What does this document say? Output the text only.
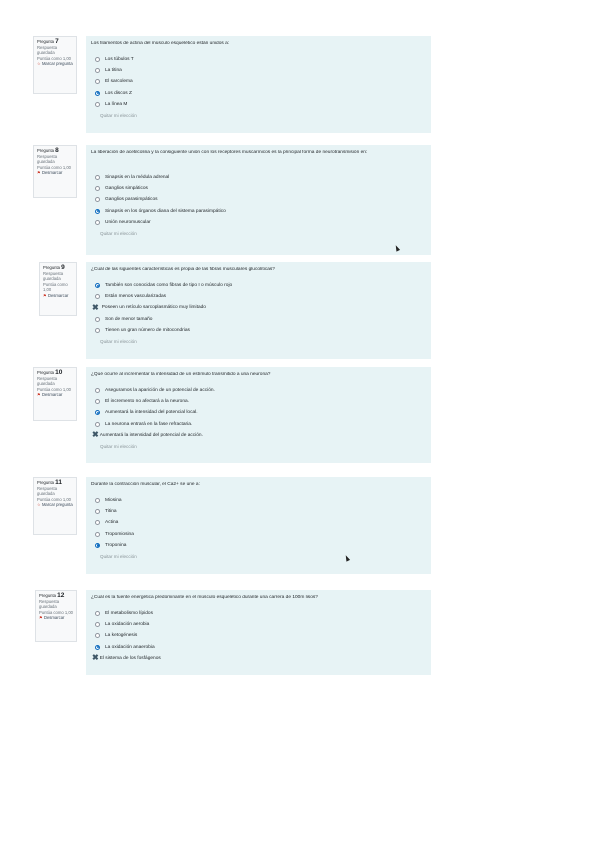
Pregunta 7
Respuesta guardada
Puntúa como 1,00
☆ Marcar pregunta
Los filamentos de actina del músculo esquelético están unidos a:
Los túbulos T
La titina
El sarcolema
Los discos Z
La línea M
Quitar mi elección
Pregunta 8
Respuesta guardada
Puntúa como 1,00
⚑ Desmarcar
La liberación de acetilcolina y la consiguiente unión con los receptores muscarínicos es la principal forma de neurotransmisión en:
Sinapsis en la médula adrenal
Ganglios simpáticos
Ganglios parasimpáticos
Sinapsis en los órganos diana del sistema parasimpático
Unión neuromuscular
Quitar mi elección
Pregunta 9
Respuesta guardada
Puntúa como 1,00
⚑ Desmarcar
¿Cuál de las siguientes características es propia de las fibras musculares glucolíticas?
También son conocidas como fibras de tipo I o músculo rojo
Están menos vascularizadas
✖ Poseen un retículo sarcoplasmático muy limitado
Son de menor tamaño
Tienen un gran número de mitocondrias
Quitar mi elección
Pregunta 10
Respuesta guardada
Puntúa como 1,00
⚑ Desmarcar
¿Qué ocurre al incrementar la intensidad de un estímulo transmitido a una neurona?
Aseguramos la aparición de un potencial de acción.
El incremento no afectará a la neurona.
Aumentará la intensidad del potencial local.
La neurona entrará en la fase refractaria.
✖ Aumentará la intensidad del potencial de acción.
Quitar mi elección
Pregunta 11
Respuesta guardada
Puntúa como 1,00
☆ Marcar pregunta
Durante la contracción muscular, el Ca2+ se une a:
Miosina
Titina
Actina
Tropomiosina
Troponina
Quitar mi elección
Pregunta 12
Respuesta guardada
Puntúa como 1,00
⚑ Desmarcar
¿Cuál es la fuente energética predominante en el músculo esquelético durante una carrera de 100m lisos?
El metabolismo lípidos
La oxidación aerobia
La ketogénesis
La oxidación anaerobia
✖ El sistema de los fosfágenos
